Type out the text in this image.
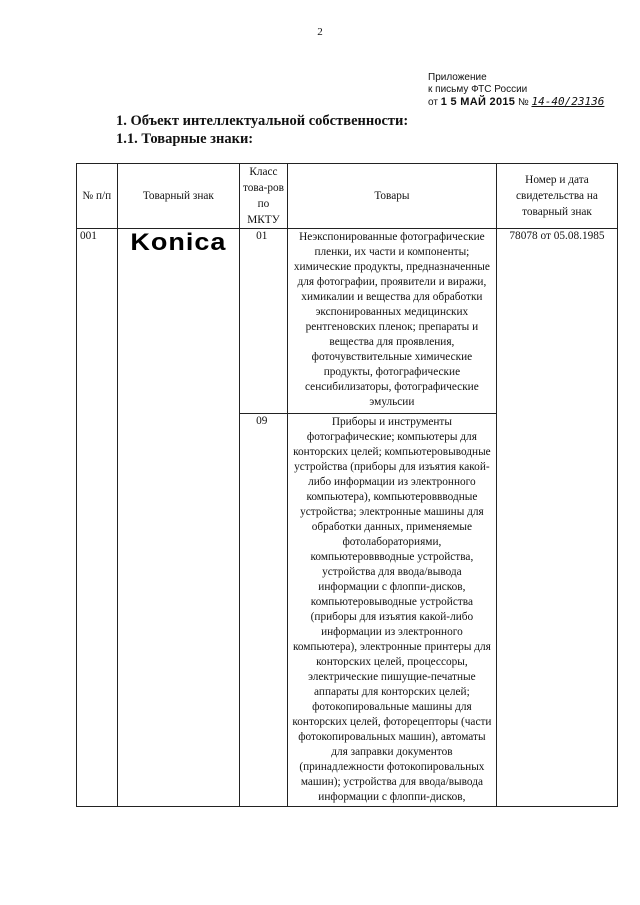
2
Приложение
к письму ФТС России
от 1 5 МАЙ 2015 № 14-40/23136
1. Объект интеллектуальной собственности:
1.1. Товарные знаки:
№ п/п	Товарный знак	Класс това-ров по МКТУ	Товары	Номер и дата свидетельства на товарный знак
001	Konica	01	Неэкспонированные фотографические пленки, их части и компоненты; химические продукты, предназначенные для фотографии, проявители и виражи, химикалии и вещества для обработки экспонированных медицинских рентгеновских пленок; препараты и вещества для проявления, фоточувствительные химические продукты, фотографические сенсибилизаторы, фотографические эмульсии	78078 от 05.08.1985
		09	Приборы и инструменты фотографические; компьютеры для конторских целей; компьютеровыводные устройства (приборы для изъятия какой-либо информации из электронного компьютера), компьютероввводные устройства; электронные машины для обработки данных, применяемые фотолабораториями, компьютероввводные устройства, устройства для ввода/вывода информации с флоппи-дисков, компьютеровыводные устройства (приборы для изъятия какой-либо информации из электронного компьютера), электронные принтеры для конторских целей, процессоры, электрические пишущие-печатные аппараты для конторских целей; фотокопировальные машины для конторских целей, фоторецепторы (части фотокопировальных машин), автоматы для заправки документов (принадлежности фотокопировальных машин); устройства для ввода/вывода информации с флоппи-дисков,	
